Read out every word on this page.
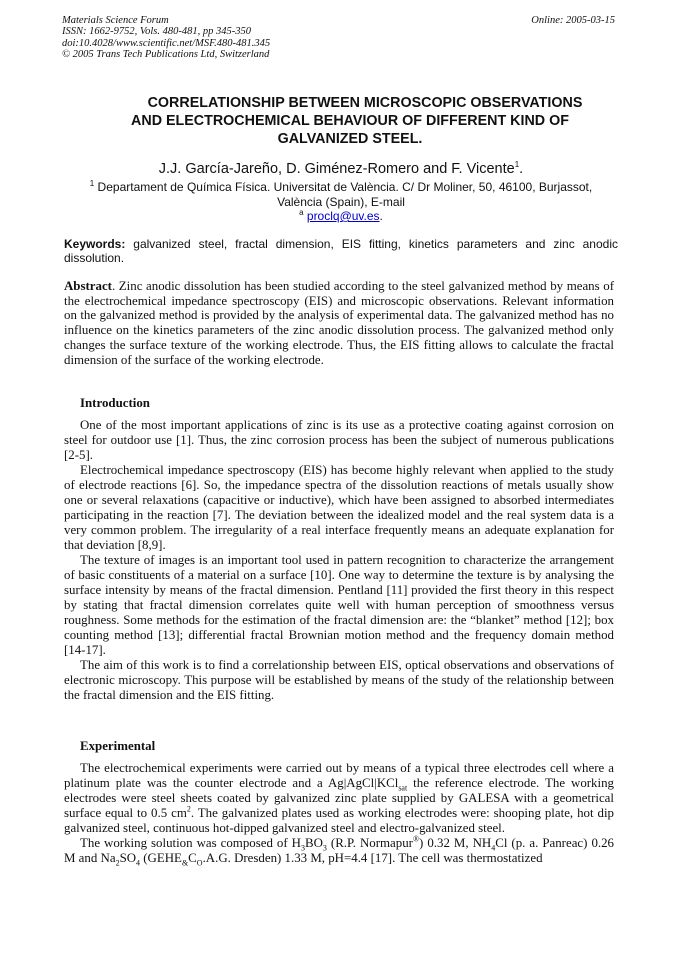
Materials Science Forum
ISSN: 1662-9752, Vols. 480-481, pp 345-350
doi:10.4028/www.scientific.net/MSF.480-481.345
© 2005 Trans Tech Publications Ltd, Switzerland
Online: 2005-03-15
CORRELATIONSHIP BETWEEN MICROSCOPIC OBSERVATIONS
AND ELECTROCHEMICAL BEHAVIOUR OF DIFFERENT KIND OF
GALVANIZED STEEL.
J.J. García-Jareño, D. Giménez-Romero and F. Vicente$^1$.
$^1$ Departament de Química Física. Universitat de València. C/ Dr Moliner, 50, 46100, Burjassot,
València (Spain), E-mail
$^a$ proclq@uv.es.
Keywords: galvanized steel, fractal dimension, EIS fitting, kinetics parameters and zinc anodic dissolution.
Abstract. Zinc anodic dissolution has been studied according to the steel galvanized method by means of the electrochemical impedance spectroscopy (EIS) and microscopic observations. Relevant information on the galvanized method is provided by the analysis of experimental data. The galvanized method has no influence on the kinetics parameters of the zinc anodic dissolution process. The galvanized method only changes the surface texture of the working electrode. Thus, the EIS fitting allows to calculate the fractal dimension of the surface of the working electrode.
Introduction

One of the most important applications of zinc is its use as a protective coating against corrosion on steel for outdoor use [1]. Thus, the zinc corrosion process has been the subject of numerous publications [2-5].

Electrochemical impedance spectroscopy (EIS) has become highly relevant when applied to the study of electrode reactions [6]. So, the impedance spectra of the dissolution reactions of metals usually show one or several relaxations (capacitive or inductive), which have been assigned to absorbed intermediates participating in the reaction [7]. The deviation between the idealized model and the real system data is a very common problem. The irregularity of a real interface frequently means an adequate explanation for that deviation [8,9].

The texture of images is an important tool used in pattern recognition to characterize the arrangement of basic constituents of a material on a surface [10]. One way to determine the texture is by analysing the surface intensity by means of the fractal dimension. Pentland [11] provided the first theory in this respect by stating that fractal dimension correlates quite well with human perception of smoothness versus roughness. Some methods for the estimation of the fractal dimension are: the “blanket” method [12]; box counting method [13]; differential fractal Brownian motion method and the frequency domain method [14-17].

The aim of this work is to find a correlationship between EIS, optical observations and observations of electronic microscopy. This purpose will be established by means of the study of the relationship between the fractal dimension and the EIS fitting.

Experimental

The electrochemical experiments were carried out by means of a typical three electrodes cell where a platinum plate was the counter electrode and a Ag|AgCl|KCl$_{sat}$ the reference electrode. The working electrodes were steel sheets coated by galvanized zinc plate supplied by GALESA with a geometrical surface equal to 0.5 $cm^2$. The galvanized plates used as working electrodes were: shooping plate, hot dip galvanized steel, continuous hot-dipped galvanized steel and electro-galvanized steel.

The working solution was composed of $H_3BO_3$ (R.P. Normapur®) 0.32 M, $NH_4Cl$ (p. a. Panreac) 0.26 M and $Na_2SO_4$ ($GEHE_{\&}C_O.A.G$. Dresden) 1.33 M, pH=4.4 [17]. The cell was thermostatized
